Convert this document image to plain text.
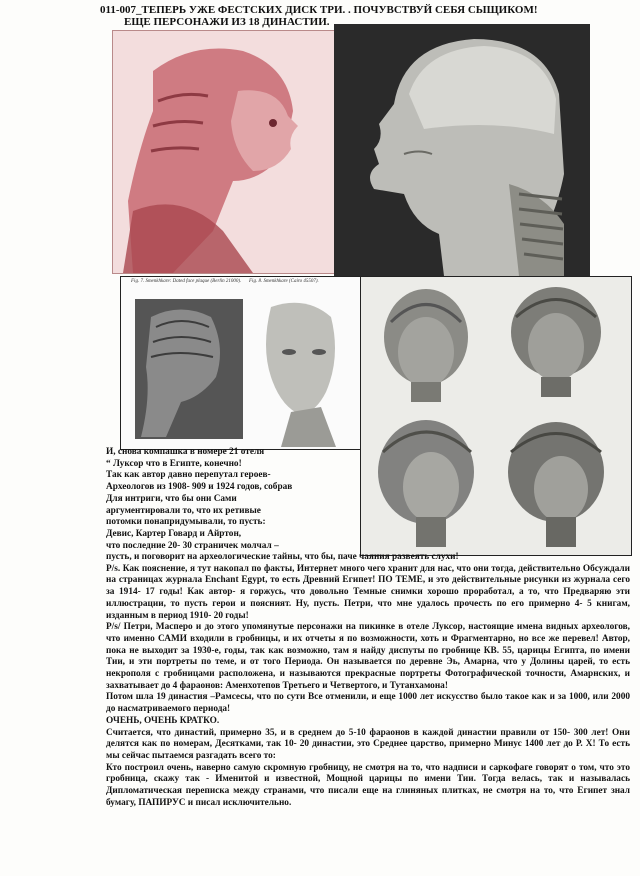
011-007_ТЕПЕРЬ УЖЕ ФЕСТСКИХ ДИСК ТРИ. . ПОЧУВСТВУЙ СЕБЯ СЫЩИКОМ!
ЕЩЕ ПЕРСОНАЖИ ИЗ 18 ДИНАСТИИ.
Fig. 7. Smenkhkare: Dated face plaque (Berlin 21000). Fig. 8. Smenkhkare (Cairo 45507).

И, снова компашка в номере 21 отеля

“ Луксор что в Египте, конечно!

Так как автор давно перепутал героев-

Археологов из 1908- 909 и 1924 годов, собрав

Для интриги, что бы они Сами

аргументировали то, что их ретивые

потомки понапридумывали, то пусть:

Девис, Картер Говард и Айртон,

что последние 20- 30 страничек молчал –

пусть, и поговорит на археологические тайны, что бы, паче чаяния развеять слухи!

P/s. Как пояснение, я тут накопал по факты, Интернет много чего хранит для нас, что они тогда, действительно Обсуждали на страницах журнала Enchant Egypt, то есть Древний Египет! ПО ТЕМЕ, и это действительные рисунки из журнала сего за 1914- 17 годы! Как автор- я горжусь, что довольно Темные снимки хорошо проработал, а то, что Предваряю эти иллюстрации, то пусть герои и поясният. Ну, пусть. Петри, что мне удалось прочесть по его примерно 4- 5 книгам, изданным в период 1910- 20 годы!

P/s/ Петри, Масперо и до этого упомянутые персонажи на пикинке в отеле Луксор, настоящие имена видных археологов, что именно САМИ входили в гробницы, и их отчеты я по возможности, хоть и Фрагментарно, но все же перевел! Автор, пока не выходит за 1930-е, годы, так как возможно, там я найду диспуты по гробнице КВ. 55, царицы Египта, по имени Тии, и эти портреты по теме, и от того Периода. Он называется по деревне Эь, Амарна, что у Долины царей, то есть некрополя с гробницами расположена, и называются прекрасные портреты Фотографической точности, Амарнских, и захватывает до 4 фараонов: Аменхотепов Третьего и Четвертого, и Тутанхамона!

Потом шла 19 династия –Рамсесы, что по сути Все отменили, и еще 1000 лет искусство было такое как и за 1000, или 2000 до насматриваемого периода!

ОЧЕНЬ, ОЧЕНЬ КРАТКО.

Считается, что династий, примерно 35, и в среднем до 5-10 фараонов в каждой династии правили от 150- 300 лет! Они делятся как по номерам, Десятками, так 10- 20 династии, это Среднее царство, примерно Минус 1400 лет до Р. Х! То есть мы сейчас пытаемся разгадать всего то:

Кто построил очень, наверно самую скромную гробницу, не смотря на то, что надписи и саркофаге говорят о том, что это гробница, скажу так - Именитой и известной, Мощной царицы по имени Тии. Тогда велась, так и называлась Дипломатическая переписка между странами, что писали еще на глиняных плитках, не смотря на то, что Египет знал бумагу, ПАПИРУС и писал исключительно.
